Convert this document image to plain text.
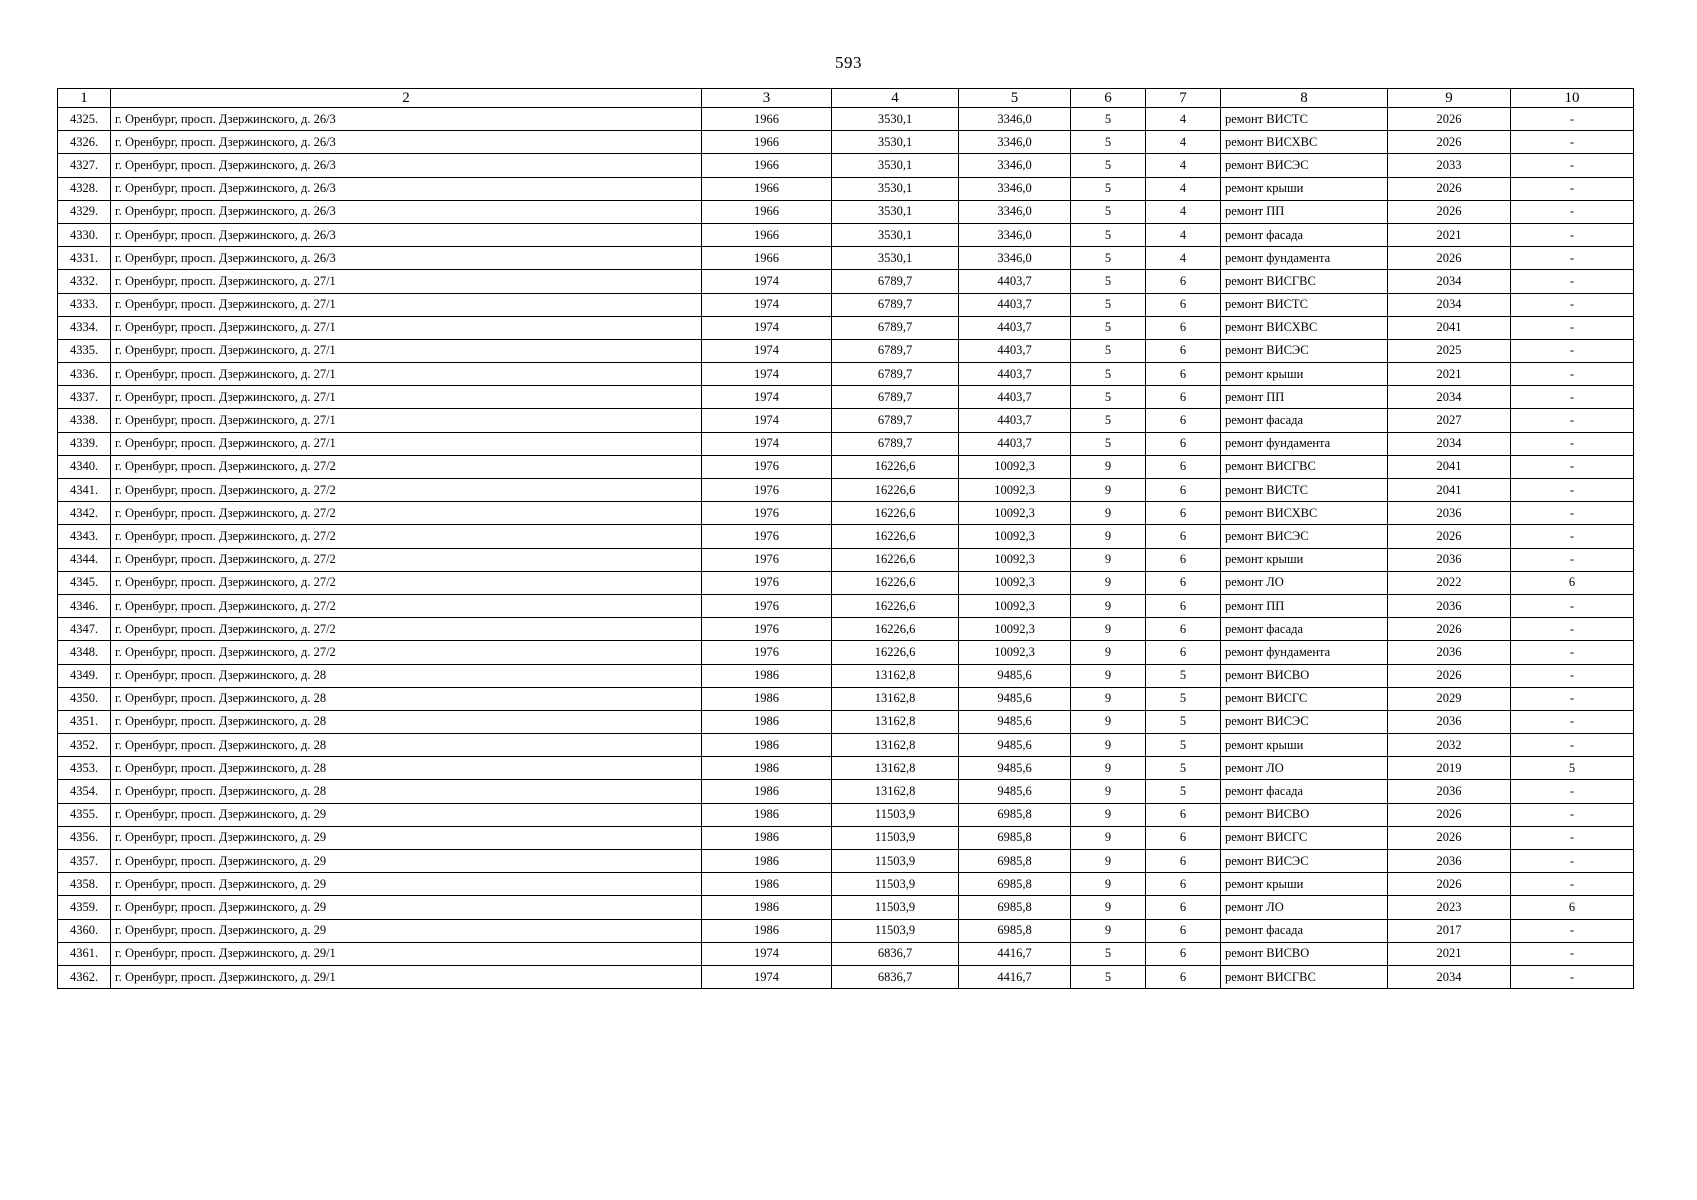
593
1	2	3	4	5	6	7	8	9	10
4325.	г. Оренбург, просп. Дзержинского, д. 26/3	1966	3530,1	3346,0	5	4	ремонт ВИСТС	2026	-
4326.	г. Оренбург, просп. Дзержинского, д. 26/3	1966	3530,1	3346,0	5	4	ремонт ВИСХВС	2026	-
4327.	г. Оренбург, просп. Дзержинского, д. 26/3	1966	3530,1	3346,0	5	4	ремонт ВИСЭС	2033	-
4328.	г. Оренбург, просп. Дзержинского, д. 26/3	1966	3530,1	3346,0	5	4	ремонт крыши	2026	-
4329.	г. Оренбург, просп. Дзержинского, д. 26/3	1966	3530,1	3346,0	5	4	ремонт ПП	2026	-
4330.	г. Оренбург, просп. Дзержинского, д. 26/3	1966	3530,1	3346,0	5	4	ремонт фасада	2021	-
4331.	г. Оренбург, просп. Дзержинского, д. 26/3	1966	3530,1	3346,0	5	4	ремонт фундамента	2026	-
4332.	г. Оренбург, просп. Дзержинского, д. 27/1	1974	6789,7	4403,7	5	6	ремонт ВИСГВС	2034	-
4333.	г. Оренбург, просп. Дзержинского, д. 27/1	1974	6789,7	4403,7	5	6	ремонт ВИСТС	2034	-
4334.	г. Оренбург, просп. Дзержинского, д. 27/1	1974	6789,7	4403,7	5	6	ремонт ВИСХВС	2041	-
4335.	г. Оренбург, просп. Дзержинского, д. 27/1	1974	6789,7	4403,7	5	6	ремонт ВИСЭС	2025	-
4336.	г. Оренбург, просп. Дзержинского, д. 27/1	1974	6789,7	4403,7	5	6	ремонт крыши	2021	-
4337.	г. Оренбург, просп. Дзержинского, д. 27/1	1974	6789,7	4403,7	5	6	ремонт ПП	2034	-
4338.	г. Оренбург, просп. Дзержинского, д. 27/1	1974	6789,7	4403,7	5	6	ремонт фасада	2027	-
4339.	г. Оренбург, просп. Дзержинского, д. 27/1	1974	6789,7	4403,7	5	6	ремонт фундамента	2034	-
4340.	г. Оренбург, просп. Дзержинского, д. 27/2	1976	16226,6	10092,3	9	6	ремонт ВИСГВС	2041	-
4341.	г. Оренбург, просп. Дзержинского, д. 27/2	1976	16226,6	10092,3	9	6	ремонт ВИСТС	2041	-
4342.	г. Оренбург, просп. Дзержинского, д. 27/2	1976	16226,6	10092,3	9	6	ремонт ВИСХВС	2036	-
4343.	г. Оренбург, просп. Дзержинского, д. 27/2	1976	16226,6	10092,3	9	6	ремонт ВИСЭС	2026	-
4344.	г. Оренбург, просп. Дзержинского, д. 27/2	1976	16226,6	10092,3	9	6	ремонт крыши	2036	-
4345.	г. Оренбург, просп. Дзержинского, д. 27/2	1976	16226,6	10092,3	9	6	ремонт ЛО	2022	6
4346.	г. Оренбург, просп. Дзержинского, д. 27/2	1976	16226,6	10092,3	9	6	ремонт ПП	2036	-
4347.	г. Оренбург, просп. Дзержинского, д. 27/2	1976	16226,6	10092,3	9	6	ремонт фасада	2026	-
4348.	г. Оренбург, просп. Дзержинского, д. 27/2	1976	16226,6	10092,3	9	6	ремонт фундамента	2036	-
4349.	г. Оренбург, просп. Дзержинского, д. 28	1986	13162,8	9485,6	9	5	ремонт ВИСВО	2026	-
4350.	г. Оренбург, просп. Дзержинского, д. 28	1986	13162,8	9485,6	9	5	ремонт ВИСГС	2029	-
4351.	г. Оренбург, просп. Дзержинского, д. 28	1986	13162,8	9485,6	9	5	ремонт ВИСЭС	2036	-
4352.	г. Оренбург, просп. Дзержинского, д. 28	1986	13162,8	9485,6	9	5	ремонт крыши	2032	-
4353.	г. Оренбург, просп. Дзержинского, д. 28	1986	13162,8	9485,6	9	5	ремонт ЛО	2019	5
4354.	г. Оренбург, просп. Дзержинского, д. 28	1986	13162,8	9485,6	9	5	ремонт фасада	2036	-
4355.	г. Оренбург, просп. Дзержинского, д. 29	1986	11503,9	6985,8	9	6	ремонт ВИСВО	2026	-
4356.	г. Оренбург, просп. Дзержинского, д. 29	1986	11503,9	6985,8	9	6	ремонт ВИСГС	2026	-
4357.	г. Оренбург, просп. Дзержинского, д. 29	1986	11503,9	6985,8	9	6	ремонт ВИСЭС	2036	-
4358.	г. Оренбург, просп. Дзержинского, д. 29	1986	11503,9	6985,8	9	6	ремонт крыши	2026	-
4359.	г. Оренбург, просп. Дзержинского, д. 29	1986	11503,9	6985,8	9	6	ремонт ЛО	2023	6
4360.	г. Оренбург, просп. Дзержинского, д. 29	1986	11503,9	6985,8	9	6	ремонт фасада	2017	-
4361.	г. Оренбург, просп. Дзержинского, д. 29/1	1974	6836,7	4416,7	5	6	ремонт ВИСВО	2021	-
4362.	г. Оренбург, просп. Дзержинского, д. 29/1	1974	6836,7	4416,7	5	6	ремонт ВИСГВС	2034	-
